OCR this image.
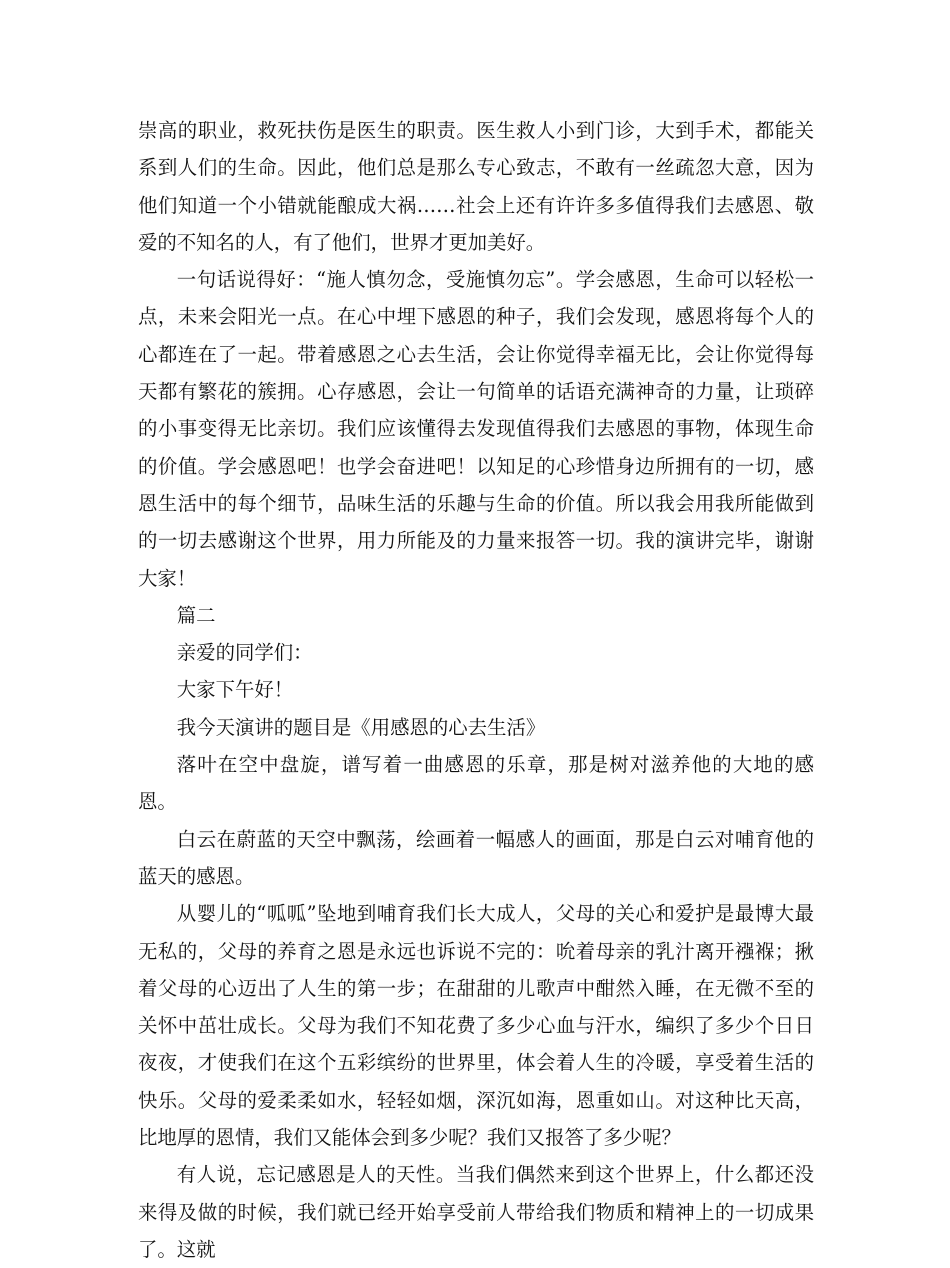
崇高的职业，救死扶伤是医生的职责。医生救人小到门诊，大到手术，都能关系到人们的生命。因此，他们总是那么专心致志，不敢有一丝疏忽大意，因为他们知道一个小错就能酿成大祸……社会上还有许许多多值得我们去感恩、敬爱的不知名的人，有了他们，世界才更加美好。

一句话说得好：“施人慎勿念，受施慎勿忘”。学会感恩，生命可以轻松一点，未来会阳光一点。在心中埋下感恩的种子，我们会发现，感恩将每个人的心都连在了一起。带着感恩之心去生活，会让你觉得幸福无比，会让你觉得每天都有繁花的簇拥。心存感恩，会让一句简单的话语充满神奇的力量，让琐碎的小事变得无比亲切。我们应该懂得去发现值得我们去感恩的事物，体现生命的价值。学会感恩吧！也学会奋进吧！以知足的心珍惜身边所拥有的一切，感恩生活中的每个细节，品味生活的乐趣与生命的价值。所以我会用我所能做到的一切去感谢这个世界，用力所能及的力量来报答一切。我的演讲完毕，谢谢大家！

篇二

亲爱的同学们：

大家下午好！

我今天演讲的题目是《用感恩的心去生活》

落叶在空中盘旋，谱写着一曲感恩的乐章，那是树对滋养他的大地的感恩。

白云在蔚蓝的天空中飘荡，绘画着一幅感人的画面，那是白云对哺育他的蓝天的感恩。

从婴儿的“呱呱”坠地到哺育我们长大成人，父母的关心和爱护是最博大最无私的，父母的养育之恩是永远也诉说不完的：吮着母亲的乳汁离开襁褓；揪着父母的心迈出了人生的第一步；在甜甜的儿歌声中酣然入睡，在无微不至的关怀中茁壮成长。父母为我们不知花费了多少心血与汗水，编织了多少个日日夜夜，才使我们在这个五彩缤纷的世界里，体会着人生的冷暖，享受着生活的快乐。父母的爱柔柔如水，轻轻如烟，深沉如海，恩重如山。对这种比天高，比地厚的恩情，我们又能体会到多少呢？我们又报答了多少呢？

有人说，忘记感恩是人的天性。当我们偶然来到这个世界上，什么都还没来得及做的时候，我们就已经开始享受前人带给我们物质和精神上的一切成果了。这就
